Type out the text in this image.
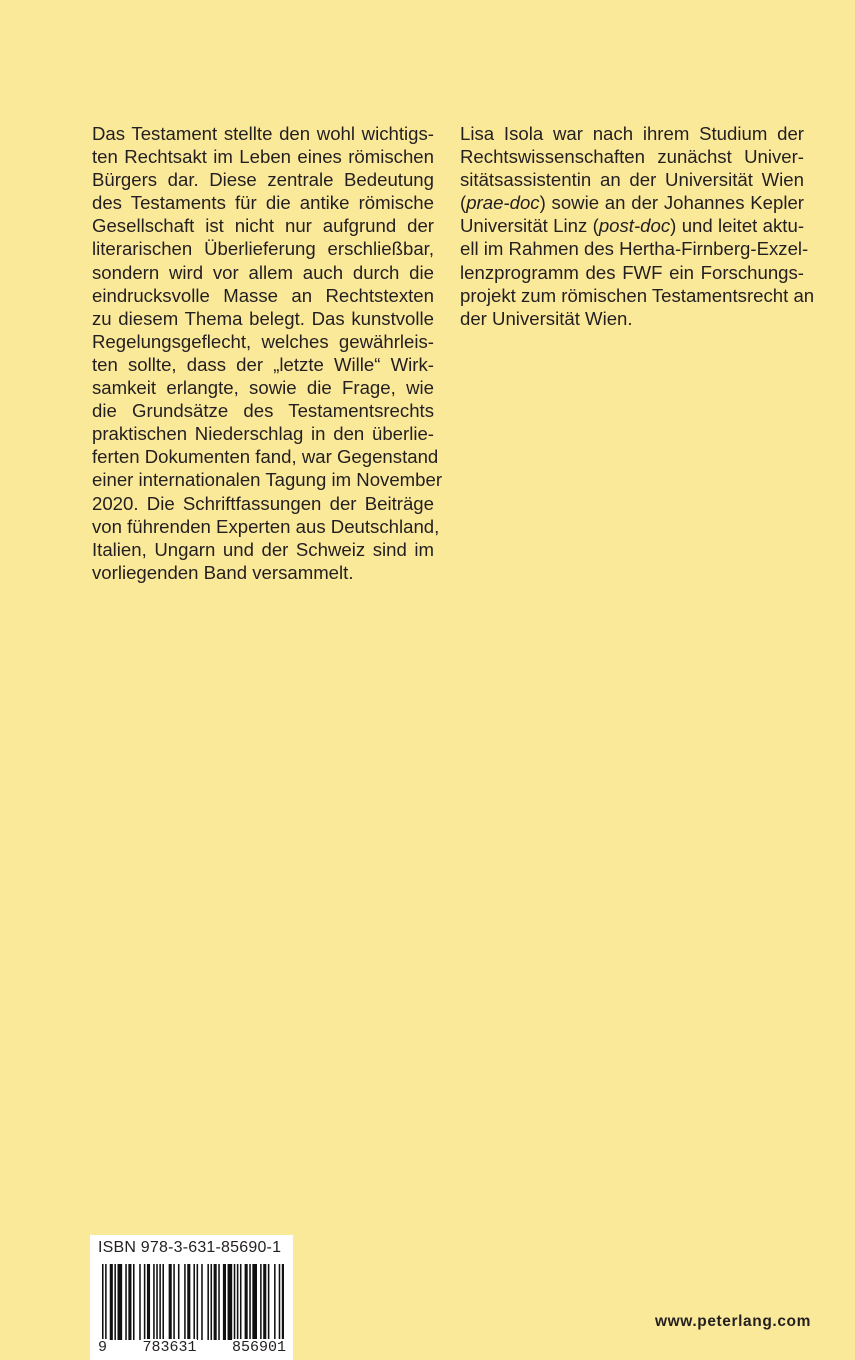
Das Testament stellte den wohl wichtigs-
ten Rechtsakt im Leben eines römischen
Bürgers dar. Diese zentrale Bedeutung
des Testaments für die antike römische
Gesellschaft ist nicht nur aufgrund der
literarischen Überlieferung erschließbar,
sondern wird vor allem auch durch die
eindrucksvolle Masse an Rechtstexten
zu diesem Thema belegt. Das kunstvolle
Regelungsgeflecht, welches gewährleis-
ten sollte, dass der „letzte Wille“ Wirk-
samkeit erlangte, sowie die Frage, wie
die Grundsätze des Testamentsrechts
praktischen Niederschlag in den überlie-
ferten Dokumenten fand, war Gegenstand
einer internationalen Tagung im November
2020. Die Schriftfassungen der Beiträge
von führenden Experten aus Deutschland,
Italien, Ungarn und der Schweiz sind im
vorliegenden Band versammelt.
Lisa Isola war nach ihrem Studium der
Rechtswissenschaften zunächst Univer-
sitätsassistentin an der Universität Wien
(prae-doc) sowie an der Johannes Kepler
Universität Linz (post-doc) und leitet aktu-
ell im Rahmen des Hertha-Firnberg-Exzel-
lenzprogramm des FWF ein Forschungs-
projekt zum römischen Testamentsrecht an
der Universität Wien.
ISBN 978-3-631-85690-1
9 783631 856901
www.peterlang.com
